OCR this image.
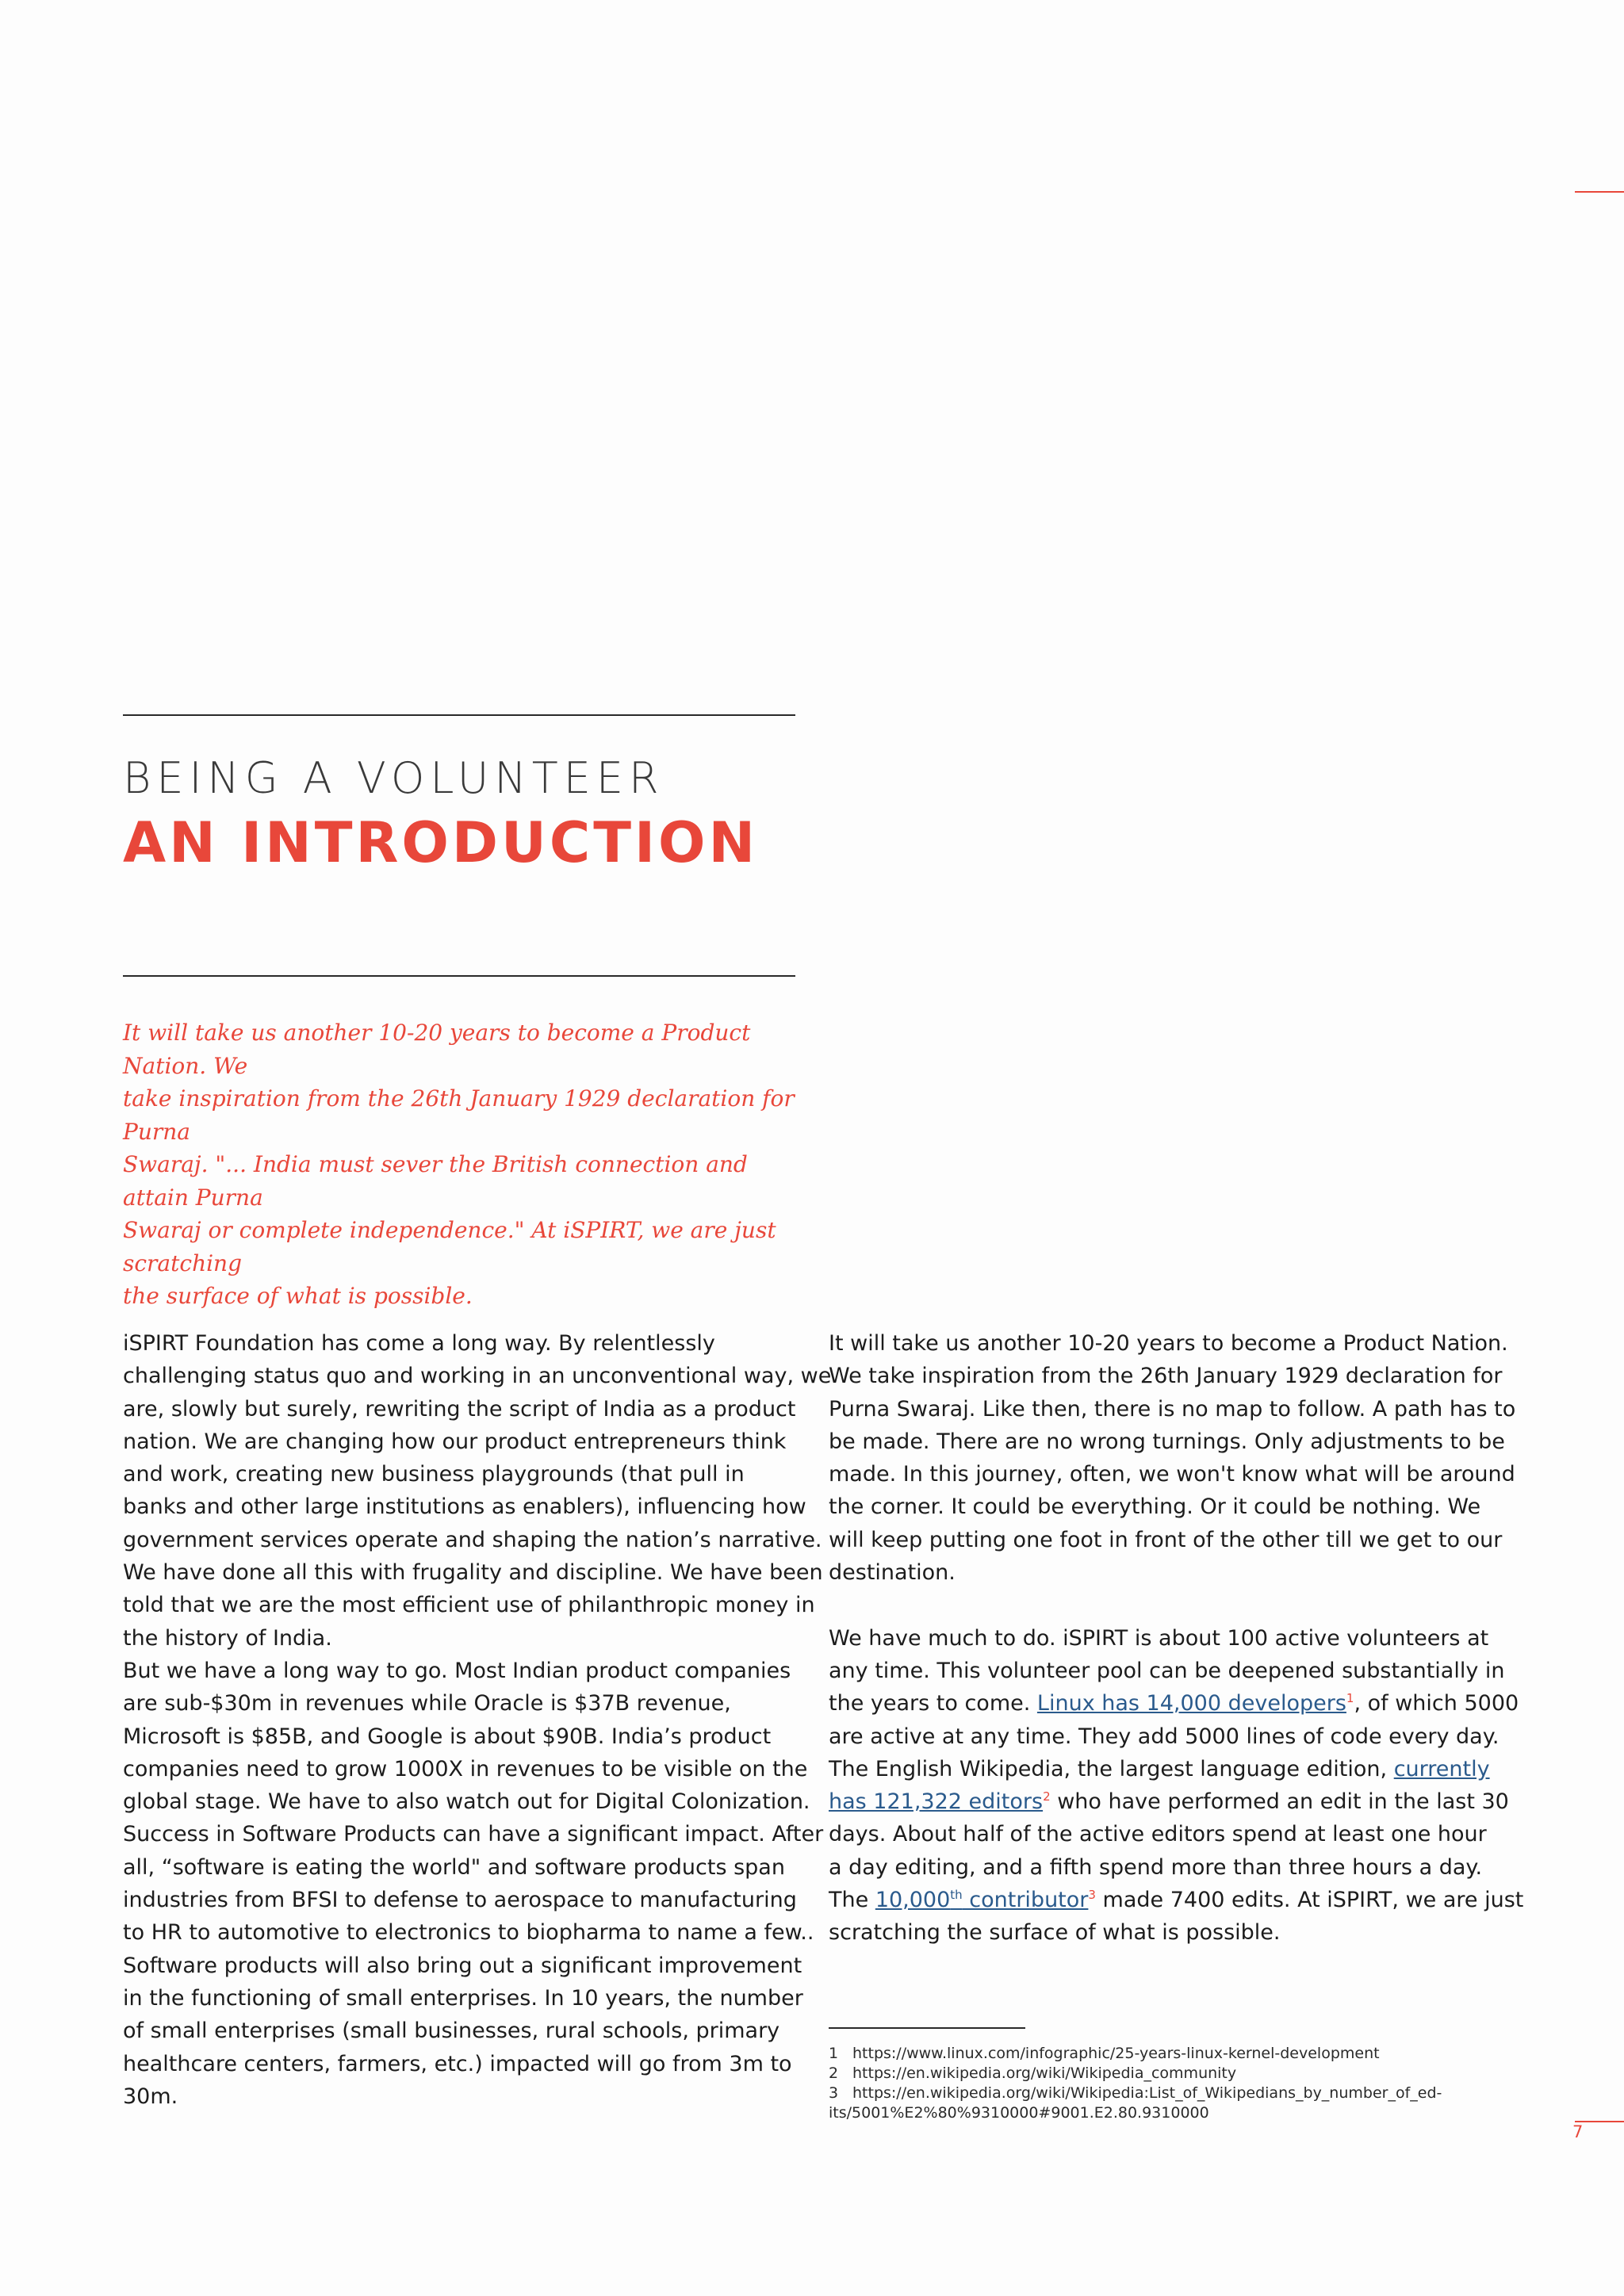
BEING A VOLUNTEER
AN INTRODUCTION

It will take us another 10-20 years to become a Product Nation. We

take inspiration from the 26th January 1929 declaration for Purna

Swaraj. "... India must sever the British connection and attain Purna

Swaraj or complete independence." At iSPIRT, we are just scratching

the surface of what is possible.

iSPIRT Foundation has come a long way. By relentlessly

challenging status quo and working in an unconventional way, we

are, slowly but surely, rewriting the script of India as a product

nation. We are changing how our product entrepreneurs think

and work, creating new business playgrounds (that pull in

banks and other large institutions as enablers), influencing how

government services operate and shaping the nation’s narrative.

We have done all this with frugality and discipline. We have been

told that we are the most efficient use of philanthropic money in

the history of India.

But we have a long way to go. Most Indian product companies

are sub-$30m in revenues while Oracle is $37B revenue,

Microsoft is $85B, and Google is about $90B. India’s product

companies need to grow 1000X in revenues to be visible on the

global stage. We have to also watch out for Digital Colonization.

Success in Software Products can have a significant impact. After

all, “software is eating the world" and software products span

industries from BFSI to defense to aerospace to manufacturing

to HR to automotive to electronics to biopharma to name a few..

Software products will also bring out a significant improvement

in the functioning of small enterprises. In 10 years, the number

of small enterprises (small businesses, rural schools, primary

healthcare centers, farmers, etc.) impacted will go from 3m to

30m.

It will take us another 10-20 years to become a Product Nation.

We take inspiration from the 26th January 1929 declaration for

Purna Swaraj. Like then, there is no map to follow. A path has to

be made. There are no wrong turnings. Only adjustments to be

made. In this journey, often, we won't know what will be around

the corner. It could be everything. Or it could be nothing. We

will keep putting one foot in front of the other till we get to our

destination.

We have much to do. iSPIRT is about 100 active volunteers at

any time. This volunteer pool can be deepened substantially in

the years to come. Linux has 14,000 developers$^1$, of which 5000

are active at any time. They add 5000 lines of code every day.

The English Wikipedia, the largest language edition, currently

has 121,322 editors$^2$ who have performed an edit in the last 30

days. About half of the active editors spend at least one hour

a day editing, and a fifth spend more than three hours a day.

The 10,000th contributor$^3$ made 7400 edits. At iSPIRT, we are just

scratching the surface of what is possible.

1 https://www.linux.com/infographic/25-years-linux-kernel-development

2 https://en.wikipedia.org/wiki/Wikipedia_community

3 https://en.wikipedia.org/wiki/Wikipedia:List_of_Wikipedians_by_number_of_ed-

its/5001%E2%80%9310000#9001.E2.80.9310000

7
